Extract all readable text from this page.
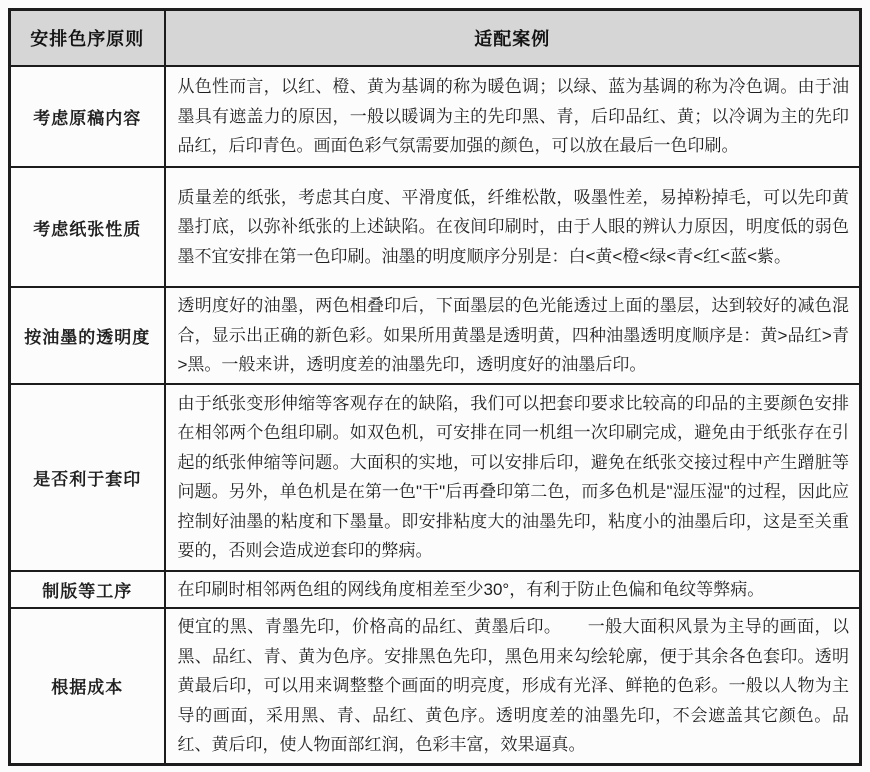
安排色序原则	适配案例
考虑原稿内容	从色性而言，以红、橙、黄为基调的称为暖色调；以绿、蓝为基调的称为冷色调。由于油墨具有遮盖力的原因，一般以暖调为主的先印黑、青，后印品红、黄；以冷调为主的先印品红，后印青色。画面色彩气氛需要加强的颜色，可以放在最后一色印刷。
考虑纸张性质	质量差的纸张，考虑其白度、平滑度低，纤维松散，吸墨性差，易掉粉掉毛，可以先印黄墨打底，以弥补纸张的上述缺陷。在夜间印刷时，由于人眼的辨认力原因，明度低的弱色墨不宜安排在第一色印刷。油墨的明度顺序分别是：白<黄<橙<绿<青<红<蓝<紫。
按油墨的透明度	透明度好的油墨，两色相叠印后，下面墨层的色光能透过上面的墨层，达到较好的减色混合，显示出正确的新色彩。如果所用黄墨是透明黄，四种油墨透明度顺序是：黄>品红>青>黑。一般来讲，透明度差的油墨先印，透明度好的油墨后印。
是否利于套印	由于纸张变形伸缩等客观存在的缺陷，我们可以把套印要求比较高的印品的主要颜色安排在相邻两个色组印刷。如双色机，可安排在同一机组一次印刷完成，避免由于纸张存在引起的纸张伸缩等问题。大面积的实地，可以安排后印，避免在纸张交接过程中产生蹭脏等问题。另外，单色机是在第一色"干"后再叠印第二色，而多色机是"湿压湿"的过程，因此应控制好油墨的粘度和下墨量。即安排粘度大的油墨先印，粘度小的油墨后印，这是至关重要的，否则会造成逆套印的弊病。
制版等工序	在印刷时相邻两色组的网线角度相差至少30°，有利于防止色偏和龟纹等弊病。
根据成本	便宜的黑、青墨先印，价格高的品红、黄墨后印。　　一般大面积风景为主导的画面，以黑、品红、青、黄为色序。安排黑色先印，黑色用来勾绘轮廓，便于其余各色套印。透明黄最后印，可以用来调整整个画面的明亮度，形成有光泽、鲜艳的色彩。一般以人物为主导的画面，采用黑、青、品红、黄色序。透明度差的油墨先印，不会遮盖其它颜色。品红、黄后印，使人物面部红润，色彩丰富，效果逼真。
